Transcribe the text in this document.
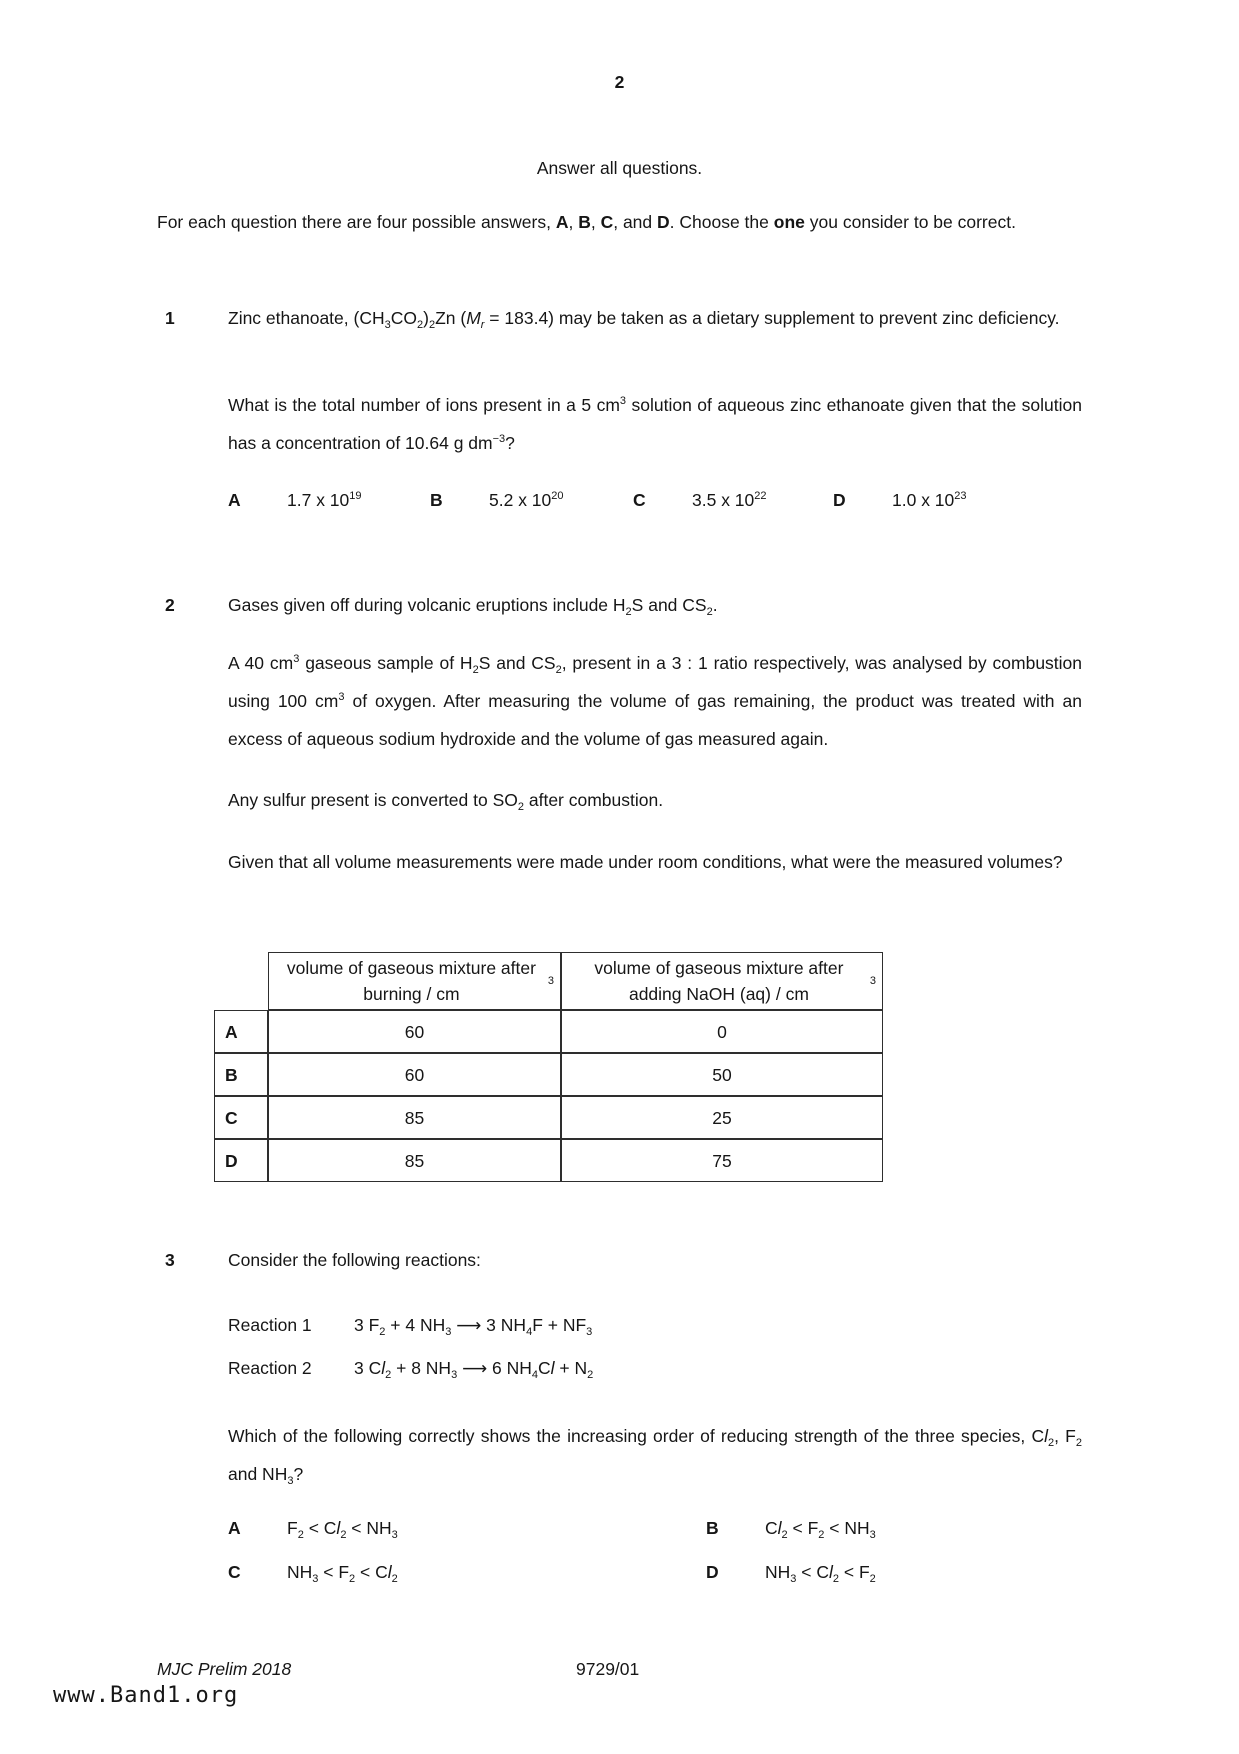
2
Answer all questions.
For each question there are four possible answers, A, B, C, and D. Choose the one you consider to be correct.
1	Zinc ethanoate, $(CH_3CO_2)_2Zn$ $(M_r = 183.4)$ may be taken as a dietary supplement to prevent zinc deficiency.
What is the total number of ions present in a 5 $cm^3$ solution of aqueous zinc ethanoate given that the solution has a concentration of 10.64 g $dm^{-3}$?
A	1.7 x $10^{19}$	B	5.2 x $10^{20}$	C	3.5 x $10^{22}$	D	1.0 x $10^{23}$
2	Gases given off during volcanic eruptions include $H_2S$ and $CS_2$.
A 40 $cm^3$ gaseous sample of $H_2S$ and $CS_2$, present in a 3 : 1 ratio respectively, was analysed by combustion using 100 $cm^3$ of oxygen. After measuring the volume of gas remaining, the product was treated with an excess of aqueous sodium hydroxide and the volume of gas measured again.
Any sulfur present is converted to $SO_2$ after combustion.
Given that all volume measurements were made under room conditions, what were the measured volumes?
volume of gaseous mixture after burning / cm
3
volume of gaseous mixture after adding NaOH (aq) / cm
3
A	60	0
B	60	50
C	85	25
D	85	75
3	Consider the following reactions:
Reaction 1	3 $F_2 + 4$ $NH_3$ ⟶ 3 $NH_4F + NF_3$
Reaction 2	3 $Cl_2 + 8$ $NH_3$ ⟶ 6 $NH_4Cl + N_2$
Which of the following correctly shows the increasing order of reducing strength of the three species, $Cl_2$, $F_2$ and $NH_3$?
A	$F_2 < Cl_2 < NH_3$	B	$Cl_2 < F_2 < NH_3$
C	$NH_3 < F_2 < Cl_2$	D	$NH_3 < Cl_2 < F_2$
MJC Prelim 2018	9729/01
www.Band1.org
